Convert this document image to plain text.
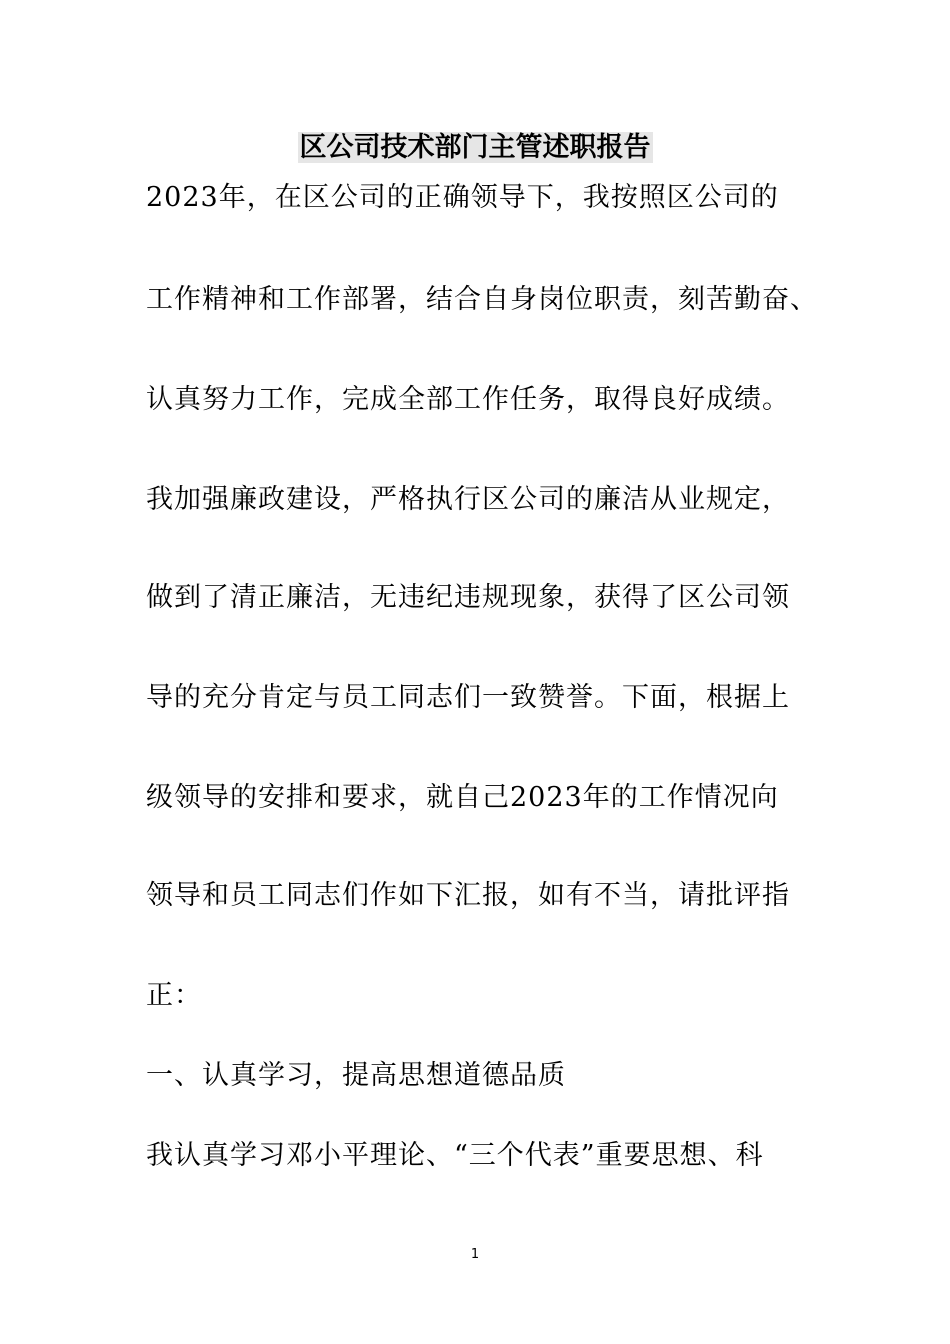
区公司技术部门主管述职报告

2023年，在区公司的正确领导下，我按照区公司的

工作精神和工作部署，结合自身岗位职责，刻苦勤奋、

认真努力工作，完成全部工作任务，取得良好成绩。

我加强廉政建设，严格执行区公司的廉洁从业规定，

做到了清正廉洁，无违纪违规现象，获得了区公司领

导的充分肯定与员工同志们一致赞誉。下面，根据上

级领导的安排和要求，就自己2023年的工作情况向

领导和员工同志们作如下汇报，如有不当，请批评指

正：

一、认真学习，提高思想道德品质

我认真学习邓小平理论、“三个代表”重要思想、科

1
